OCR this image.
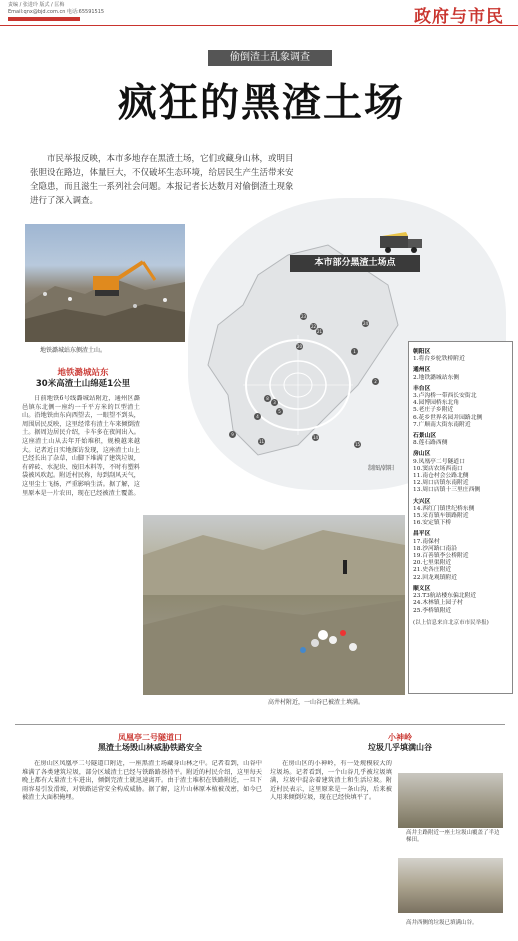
责编 / 张进玲 版式 / 匡梅
Email:qnx@bjd.com.cn 电话:65591515	政府与市民
偷倒渣土乱象调查
疯狂的黑渣土场
市民举报反映，本市多地存在黑渣土场，它们或藏身山林，或明目张胆设在路边，体量巨大，不仅破坏生态环境，给居民生产生活带来安全隐患，而且滋生一系列社会问题。本报记者长达数月对偷倒渣土现象进行了深入调查。
地铁潞城站东侧渣土山。
本市部分黑渣土场点
23
22
21
24
20
1
8
3
5
4
2
9
11
14
15
制图/韩阳
朝阳区
1.将台乡驼铁桥附近
通州区
2.地铁潞城站东侧
丰台区
3.卢沟桥一带西长安街北
4.园博园桥东北角
5.老庄子乡附近
6.花乡世界名园并园路北侧
7.广顺南大街东南附近
石景山区
8.莲石路西侧
房山区
9.凤凰亭二号隧道口
10.窦店农场西南口
11.南仓村会公路北侧
12.周口店镇东南附近
13.周口店镇十三里庄西侧
大兴区
14.西红门镇世纪桥东侧
15.采育镇车镇路附近
16.安定镇下桥
昌平区
17.南保村
18.沙河路口南沿
19.百善镇李公桥附近
20.七里渠附近
21.史各庄附近
22.回龙观镇附近
顺义区
23.T3航站楼东偏北附近
24.木林镇上园子村
25.李桥镇附近
(以上信息来自北京市市民举报)
地铁潞城站东
30米高渣土山绵延1公里
日前地铁6号线潞城站附近，通州区潞邑镇东北侧一座约一千平方米的巨型渣土山。沿地铁由东向西望去，一眼望不到头，周围居民反映，这里经常有渣土车来倾倒渣土。据周边居民介绍，卡车多在夜间出入。这座渣土山从去年开始堆积，规模越来越大。记者近日实地探访发现，这座渣土山上已经长出了杂草，山脚下堆满了建筑垃圾，有碎砖、水泥块、废旧木料等，不时有塑料袋被风吹起。附近村民称，每到刮风天气，这里尘土飞扬，严重影响生活。据了解，这里原本是一片农田，现在已经被渣土覆盖。
高井村附近，一山谷已被渣土填满。
凤凰亭二号隧道口
黑渣土场毁山林威胁铁路安全
在房山区凤凰亭二号隧道口附近，一座黑渣土场藏身山林之中。记者看到，山谷中堆满了各类建筑垃圾，部分区域渣土已经与铁路路基持平。附近的村民介绍，这里每天晚上都有大量渣土车进出，倾倒完渣土就迅速离开。由于渣土堆积在铁路附近，一旦下雨容易引发滑坡，对铁路运营安全构成威胁。据了解，这片山林原本植被茂密，如今已被渣土大面积掩埋。
小神岭
垃圾几乎填满山谷
在房山区的小神岭，有一处规模较大的垃圾场。记者看到，一个山谷几乎被垃圾填满，垃圾中混杂着建筑渣土和生活垃圾。附近村民表示，这里原来是一条山沟，后来被人用来倾倒垃圾，现在已经快填平了。
高井主路附近一座土垃圾山覆盖了半边梯田。
高井西侧的垃圾已填满山谷。
